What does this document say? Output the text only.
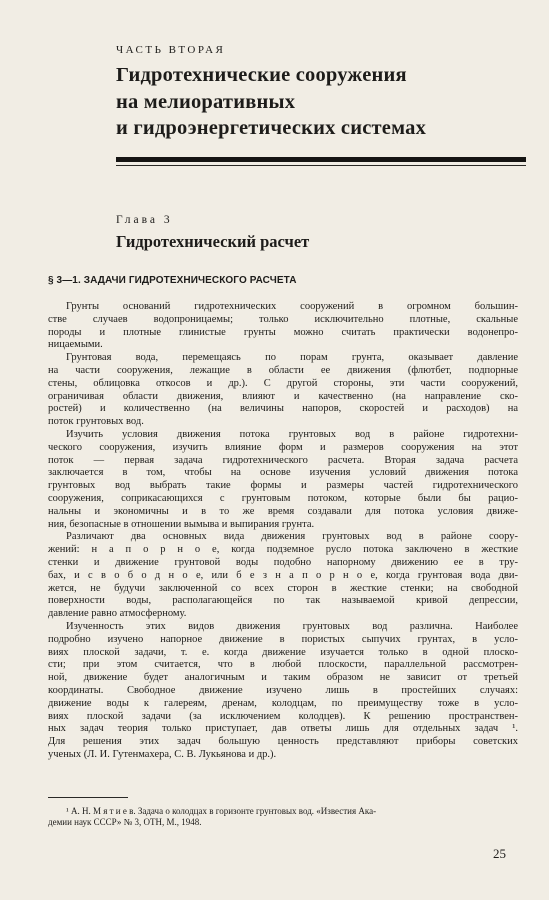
ЧАСТЬ ВТОРАЯ
Гидротехнические сооружения
на мелиоративных
и гидроэнергетических системах
Глава 3
Гидротехнический расчет
§ 3—1. ЗАДАЧИ ГИДРОТЕХНИЧЕСКОГО РАСЧЕТА
Грунты оснований гидротехнических сооружений в огромном большин-
стве случаев водопроницаемы; только исключительно плотные, скальные
породы и плотные глинистые грунты можно считать практически водонепро-
ницаемыми.
Грунтовая вода, перемещаясь по порам грунта, оказывает давление
на части сооружения, лежащие в области ее движения (флютбет, подпорные
стены, облицовка откосов и др.). С другой стороны, эти части сооружений,
ограничивая области движения, влияют и качественно (на направление ско-
ростей) и количественно (на величины напоров, скоростей и расходов) на
поток грунтовых вод.
Изучить условия движения потока грунтовых вод в районе гидротехни-
ческого сооружения, изучить влияние форм и размеров сооружения на этот
поток — первая задача гидротехнического расчета. Вторая задача расчета
заключается в том, чтобы на основе изучения условий движения потока
грунтовых вод выбрать такие формы и размеры частей гидротехнического
сооружения, соприкасающихся с грунтовым потоком, которые были бы рацио-
нальны и экономичны и в то же время создавали для потока условия движе-
ния, безопасные в отношении вымыва и выпирания грунта.
Различают два основных вида движения грунтовых вод в районе соору-
жений: н а п о р н о е, когда подземное русло потока заключено в жесткие
стенки и движение грунтовой воды подобно напорному движению ее в тру-
бах, и с в о б о д н о е, или б е з н а п о р н о е, когда грунтовая вода дви-
жется, не будучи заключенной со всех сторон в жесткие стенки; на свободной
поверхности воды, располагающейся по так называемой кривой депрессии,
давление равно атмосферному.
Изученность этих видов движения грунтовых вод различна. Наиболее
подробно изучено напорное движение в пористых сыпучих грунтах, в усло-
виях плоской задачи, т. е. когда движение изучается только в одной плоско-
сти; при этом считается, что в любой плоскости, параллельной рассмотрен-
ной, движение будет аналогичным и таким образом не зависит от третьей
координаты. Свободное движение изучено лишь в простейших случаях:
движение воды к галереям, дренам, колодцам, по преимуществу тоже в усло-
виях плоской задачи (за исключением колодцев). К решению пространствен-
ных задач теория только приступает, дав ответы лишь для отдельных задач ¹.
Для решения этих задач большую ценность представляют приборы советских
ученых (Л. И. Гутенмахера, С. В. Лукьянова и др.).
¹ А. Н. М я т и е в. Задача о колодцах в горизонте грунтовых вод. «Известия Ака-
демии наук СССР» № 3, ОТН, М., 1948.
25
